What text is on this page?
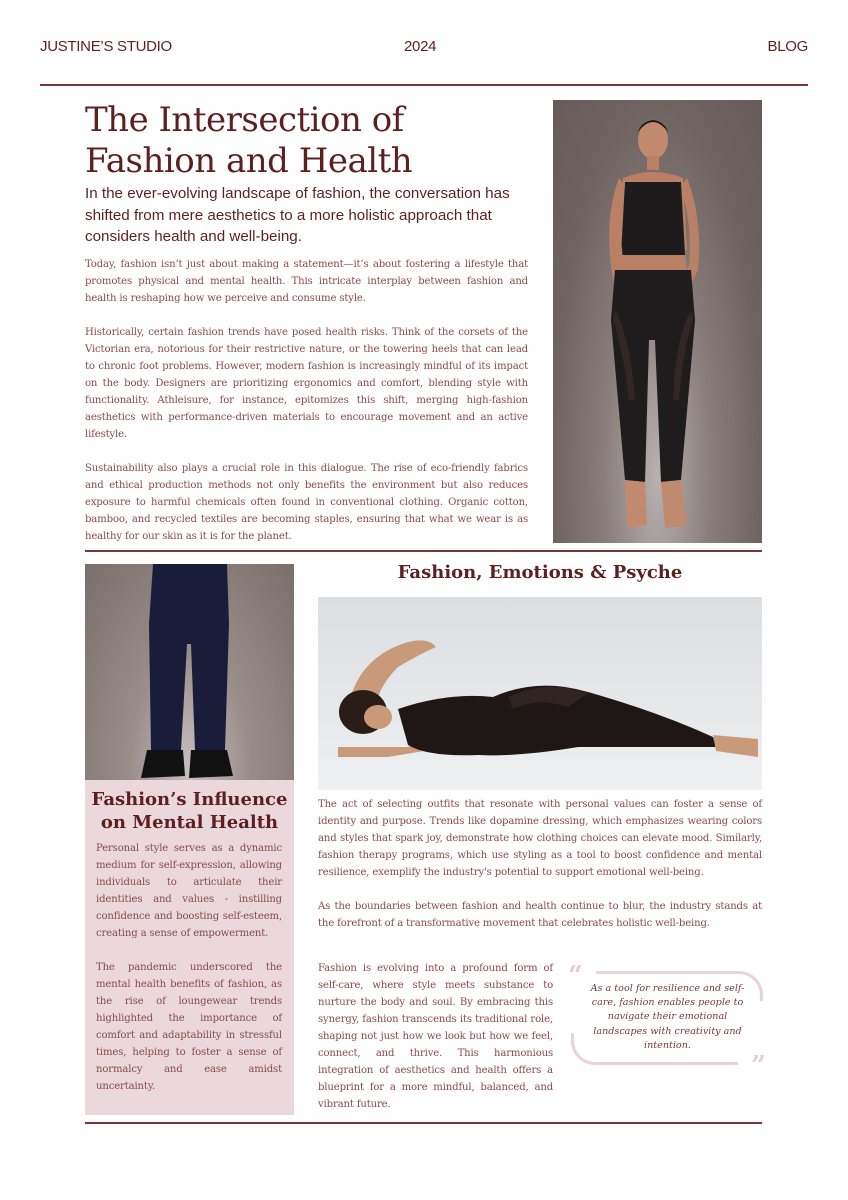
JUSTINE’S STUDIO	2024	BLOG
The Intersection of Fashion and Health
In the ever-evolving landscape of fashion, the conversation has shifted from mere aesthetics to a more holistic approach that considers health and well-being.

Today, fashion isn’t just about making a statement—it’s about fostering a lifestyle that promotes physical and mental health. This intricate interplay between fashion and health is reshaping how we perceive and consume style.

Historically, certain fashion trends have posed health risks. Think of the corsets of the Victorian era, notorious for their restrictive nature, or the towering heels that can lead to chronic foot problems. However, modern fashion is increasingly mindful of its impact on the body. Designers are prioritizing ergonomics and comfort, blending style with functionality. Athleisure, for instance, epitomizes this shift, merging high-fashion aesthetics with performance-driven materials to encourage movement and an active lifestyle.

Sustainability also plays a crucial role in this dialogue. The rise of eco-friendly fabrics and ethical production methods not only benefits the environment but also reduces exposure to harmful chemicals often found in conventional clothing. Organic cotton, bamboo, and recycled textiles are becoming staples, ensuring that what we wear is as healthy for our skin as it is for the planet.

Fashion’s Influence on Mental Health

Personal style serves as a dynamic medium for self-expression, allowing individuals to articulate their identities and values - instilling confidence and boosting self-esteem, creating a sense of empowerment.

The pandemic underscored the mental health benefits of fashion, as the rise of loungewear trends highlighted the importance of comfort and adaptability in stressful times, helping to foster a sense of normalcy and ease amidst uncertainty.

Fashion, Emotions & Psyche

The act of selecting outfits that resonate with personal values can foster a sense of identity and purpose. Trends like dopamine dressing, which emphasizes wearing colors and styles that spark joy, demonstrate how clothing choices can elevate mood. Similarly, fashion therapy programs, which use styling as a tool to boost confidence and mental resilience, exemplify the industry's potential to support emotional well-being.

As the boundaries between fashion and health continue to blur, the industry stands at the forefront of a transformative movement that celebrates holistic well-being.

Fashion is evolving into a profound form of self-care, where style meets substance to nurture the body and soul. By embracing this synergy, fashion transcends its traditional role, shaping not just how we look but how we feel, connect, and thrive. This harmonious integration of aesthetics and health offers a blueprint for a more mindful, balanced, and vibrant future.

“
”
As a tool for resilience and self-care, fashion enables people to navigate their emotional landscapes with creativity and intention.
